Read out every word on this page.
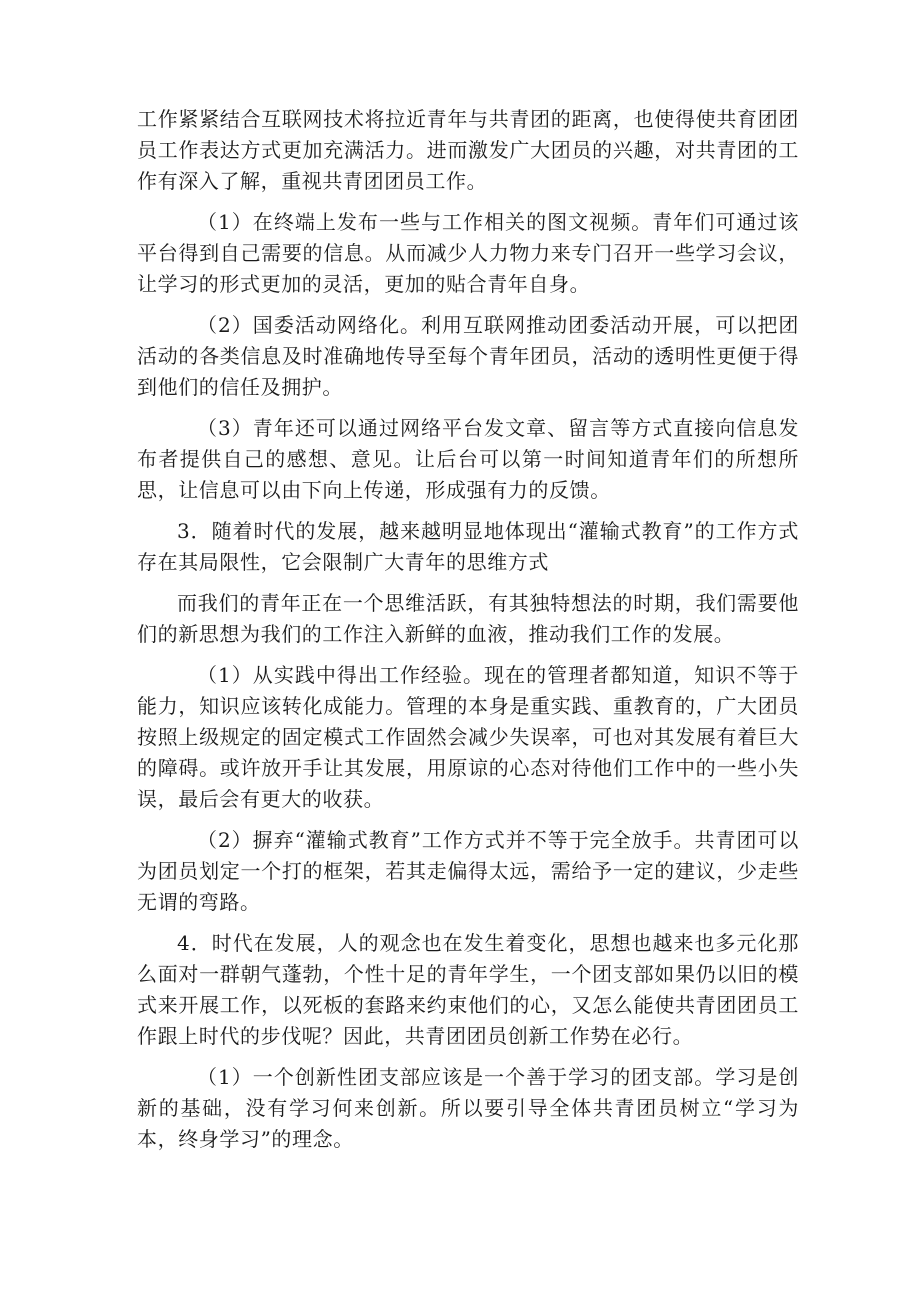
工作紧紧结合互联网技术将拉近青年与共青团的距离，也使得使共育团团员工作表达方式更加充满活力。进而激发广大团员的兴趣，对共青团的工作有深入了解，重视共青团团员工作。

（1）在终端上发布一些与工作相关的图文视频。青年们可通过该平台得到自己需要的信息。从而减少人力物力来专门召开一些学习会议，让学习的形式更加的灵活，更加的贴合青年自身。

（2）国委活动网络化。利用互联网推动团委活动开展，可以把团活动的各类信息及时准确地传导至每个青年团员，活动的透明性更便于得到他们的信任及拥护。

（3）青年还可以通过网络平台发文章、留言等方式直接向信息发布者提供自己的感想、意见。让后台可以第一时间知道青年们的所想所思，让信息可以由下向上传递，形成强有力的反馈。

3．随着时代的发展，越来越明显地体现出“灌输式教育”的工作方式存在其局限性，它会限制广大青年的思维方式

而我们的青年正在一个思维活跃，有其独特想法的时期，我们需要他们的新思想为我们的工作注入新鲜的血液，推动我们工作的发展。

（1）从实践中得出工作经验。现在的管理者都知道，知识不等于能力，知识应该转化成能力。管理的本身是重实践、重教育的，广大团员按照上级规定的固定模式工作固然会减少失误率，可也对其发展有着巨大的障碍。或许放开手让其发展，用原谅的心态对待他们工作中的一些小失误，最后会有更大的收获。

（2）摒弃“灌输式教育”工作方式并不等于完全放手。共青团可以为团员划定一个打的框架，若其走偏得太远，需给予一定的建议，少走些无谓的弯路。

4．时代在发展，人的观念也在发生着变化，思想也越来也多元化那么面对一群朝气蓬勃，个性十足的青年学生，一个团支部如果仍以旧的模式来开展工作，以死板的套路来约束他们的心，又怎么能使共青团团员工作跟上时代的步伐呢？因此，共青团团员创新工作势在必行。

（1）一个创新性团支部应该是一个善于学习的团支部。学习是创新的基础，没有学习何来创新。所以要引导全体共青团员树立“学习为本，终身学习”的理念。
